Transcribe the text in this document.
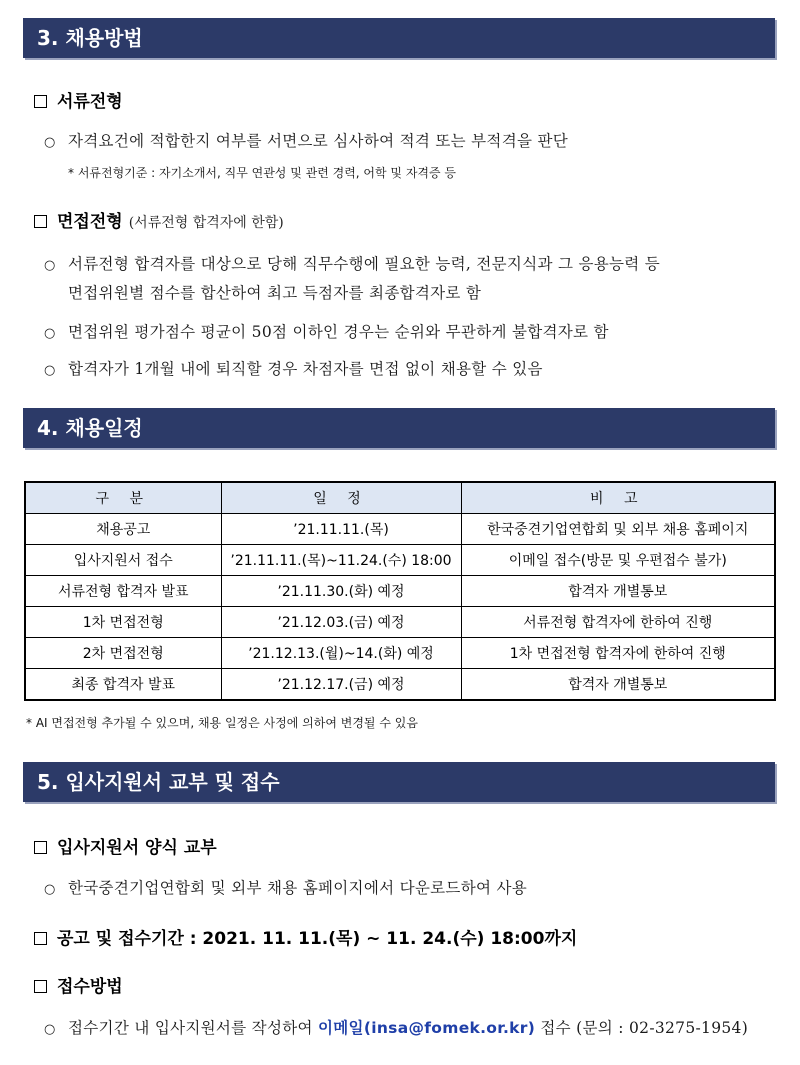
3. 채용방법
서류전형
○ 자격요건에 적합한지 여부를 서면으로 심사하여 적격 또는 부적격을 판단
* 서류전형기준 : 자기소개서, 직무 연관성 및 관련 경력, 어학 및 자격증 등
면접전형 (서류전형 합격자에 한함)
○ 서류전형 합격자를 대상으로 당해 직무수행에 필요한 능력, 전문지식과 그 응용능력 등
면접위원별 점수를 합산하여 최고 득점자를 최종합격자로 함
○ 면접위원 평가점수 평균이 50점 이하인 경우는 순위와 무관하게 불합격자로 함
○ 합격자가 1개월 내에 퇴직할 경우 차점자를 면접 없이 채용할 수 있음
4. 채용일정
구 분	일 정	비 고
채용공고	’21.11.11.(목)	한국중견기업연합회 및 외부 채용 홈페이지
입사지원서 접수	’21.11.11.(목)~11.24.(수) 18:00	이메일 접수(방문 및 우편접수 불가)
서류전형 합격자 발표	’21.11.30.(화) 예정	합격자 개별통보
1차 면접전형	’21.12.03.(금) 예정	서류전형 합격자에 한하여 진행
2차 면접전형	’21.12.13.(월)~14.(화) 예정	1차 면접전형 합격자에 한하여 진행
최종 합격자 발표	’21.12.17.(금) 예정	합격자 개별통보
* AI 면접전형 추가될 수 있으며, 채용 일정은 사정에 의하여 변경될 수 있음
5. 입사지원서 교부 및 접수
입사지원서 양식 교부
○ 한국중견기업연합회 및 외부 채용 홈페이지에서 다운로드하여 사용
공고 및 접수기간 : 2021. 11. 11.(목) ~ 11. 24.(수) 18:00까지
접수방법
○ 접수기간 내 입사지원서를 작성하여 이메일(insa@fomek.or.kr) 접수 (문의 : 02-3275-1954)
